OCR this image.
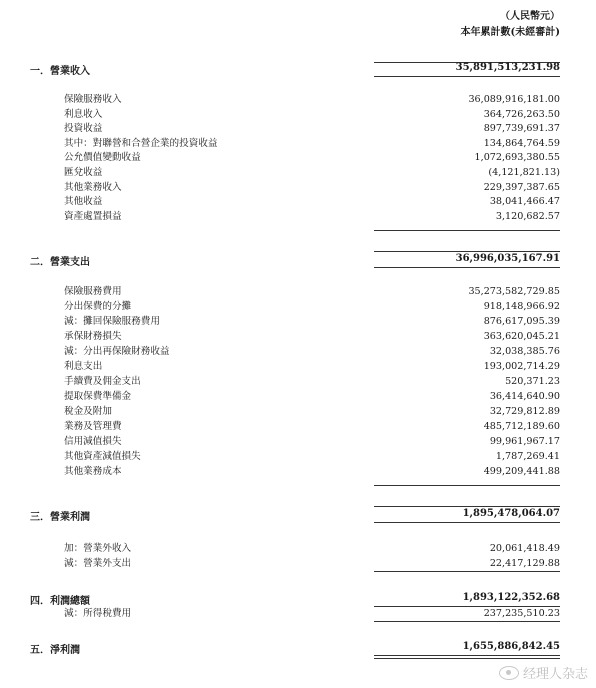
（人民幣元）
本年累計數(未經審計)
一．營業收入	35,891,513,231.98
保險服務收入	36,089,916,181.00
利息收入	364,726,263.50
投資收益	897,739,691.37
其中：對聯營和合營企業的投資收益	134,864,764.59
公允價值變動收益	1,072,693,380.55
匯兌收益	(4,121,821.13)
其他業務收入	229,397,387.65
其他收益	38,041,466.47
資產處置損益	3,120,682.57
二．營業支出	36,996,035,167.91
保險服務費用	35,273,582,729.85
分出保費的分攤	918,148,966.92
減：攤回保險服務費用	876,617,095.39
承保財務損失	363,620,045.21
減：分出再保險財務收益	32,038,385.76
利息支出	193,002,714.29
手續費及佣金支出	520,371.23
提取保費準備金	36,414,640.90
稅金及附加	32,729,812.89
業務及管理費	485,712,189.60
信用減值損失	99,961,967.17
其他資產減值損失	1,787,269.41
其他業務成本	499,209,441.88
三．營業利潤	1,895,478,064.07
加：營業外收入	20,061,418.49
減：營業外支出	22,417,129.88
四．利潤總額	1,893,122,352.68
減：所得稅費用	237,235,510.23
五．淨利潤	1,655,886,842.45
经理人杂志
